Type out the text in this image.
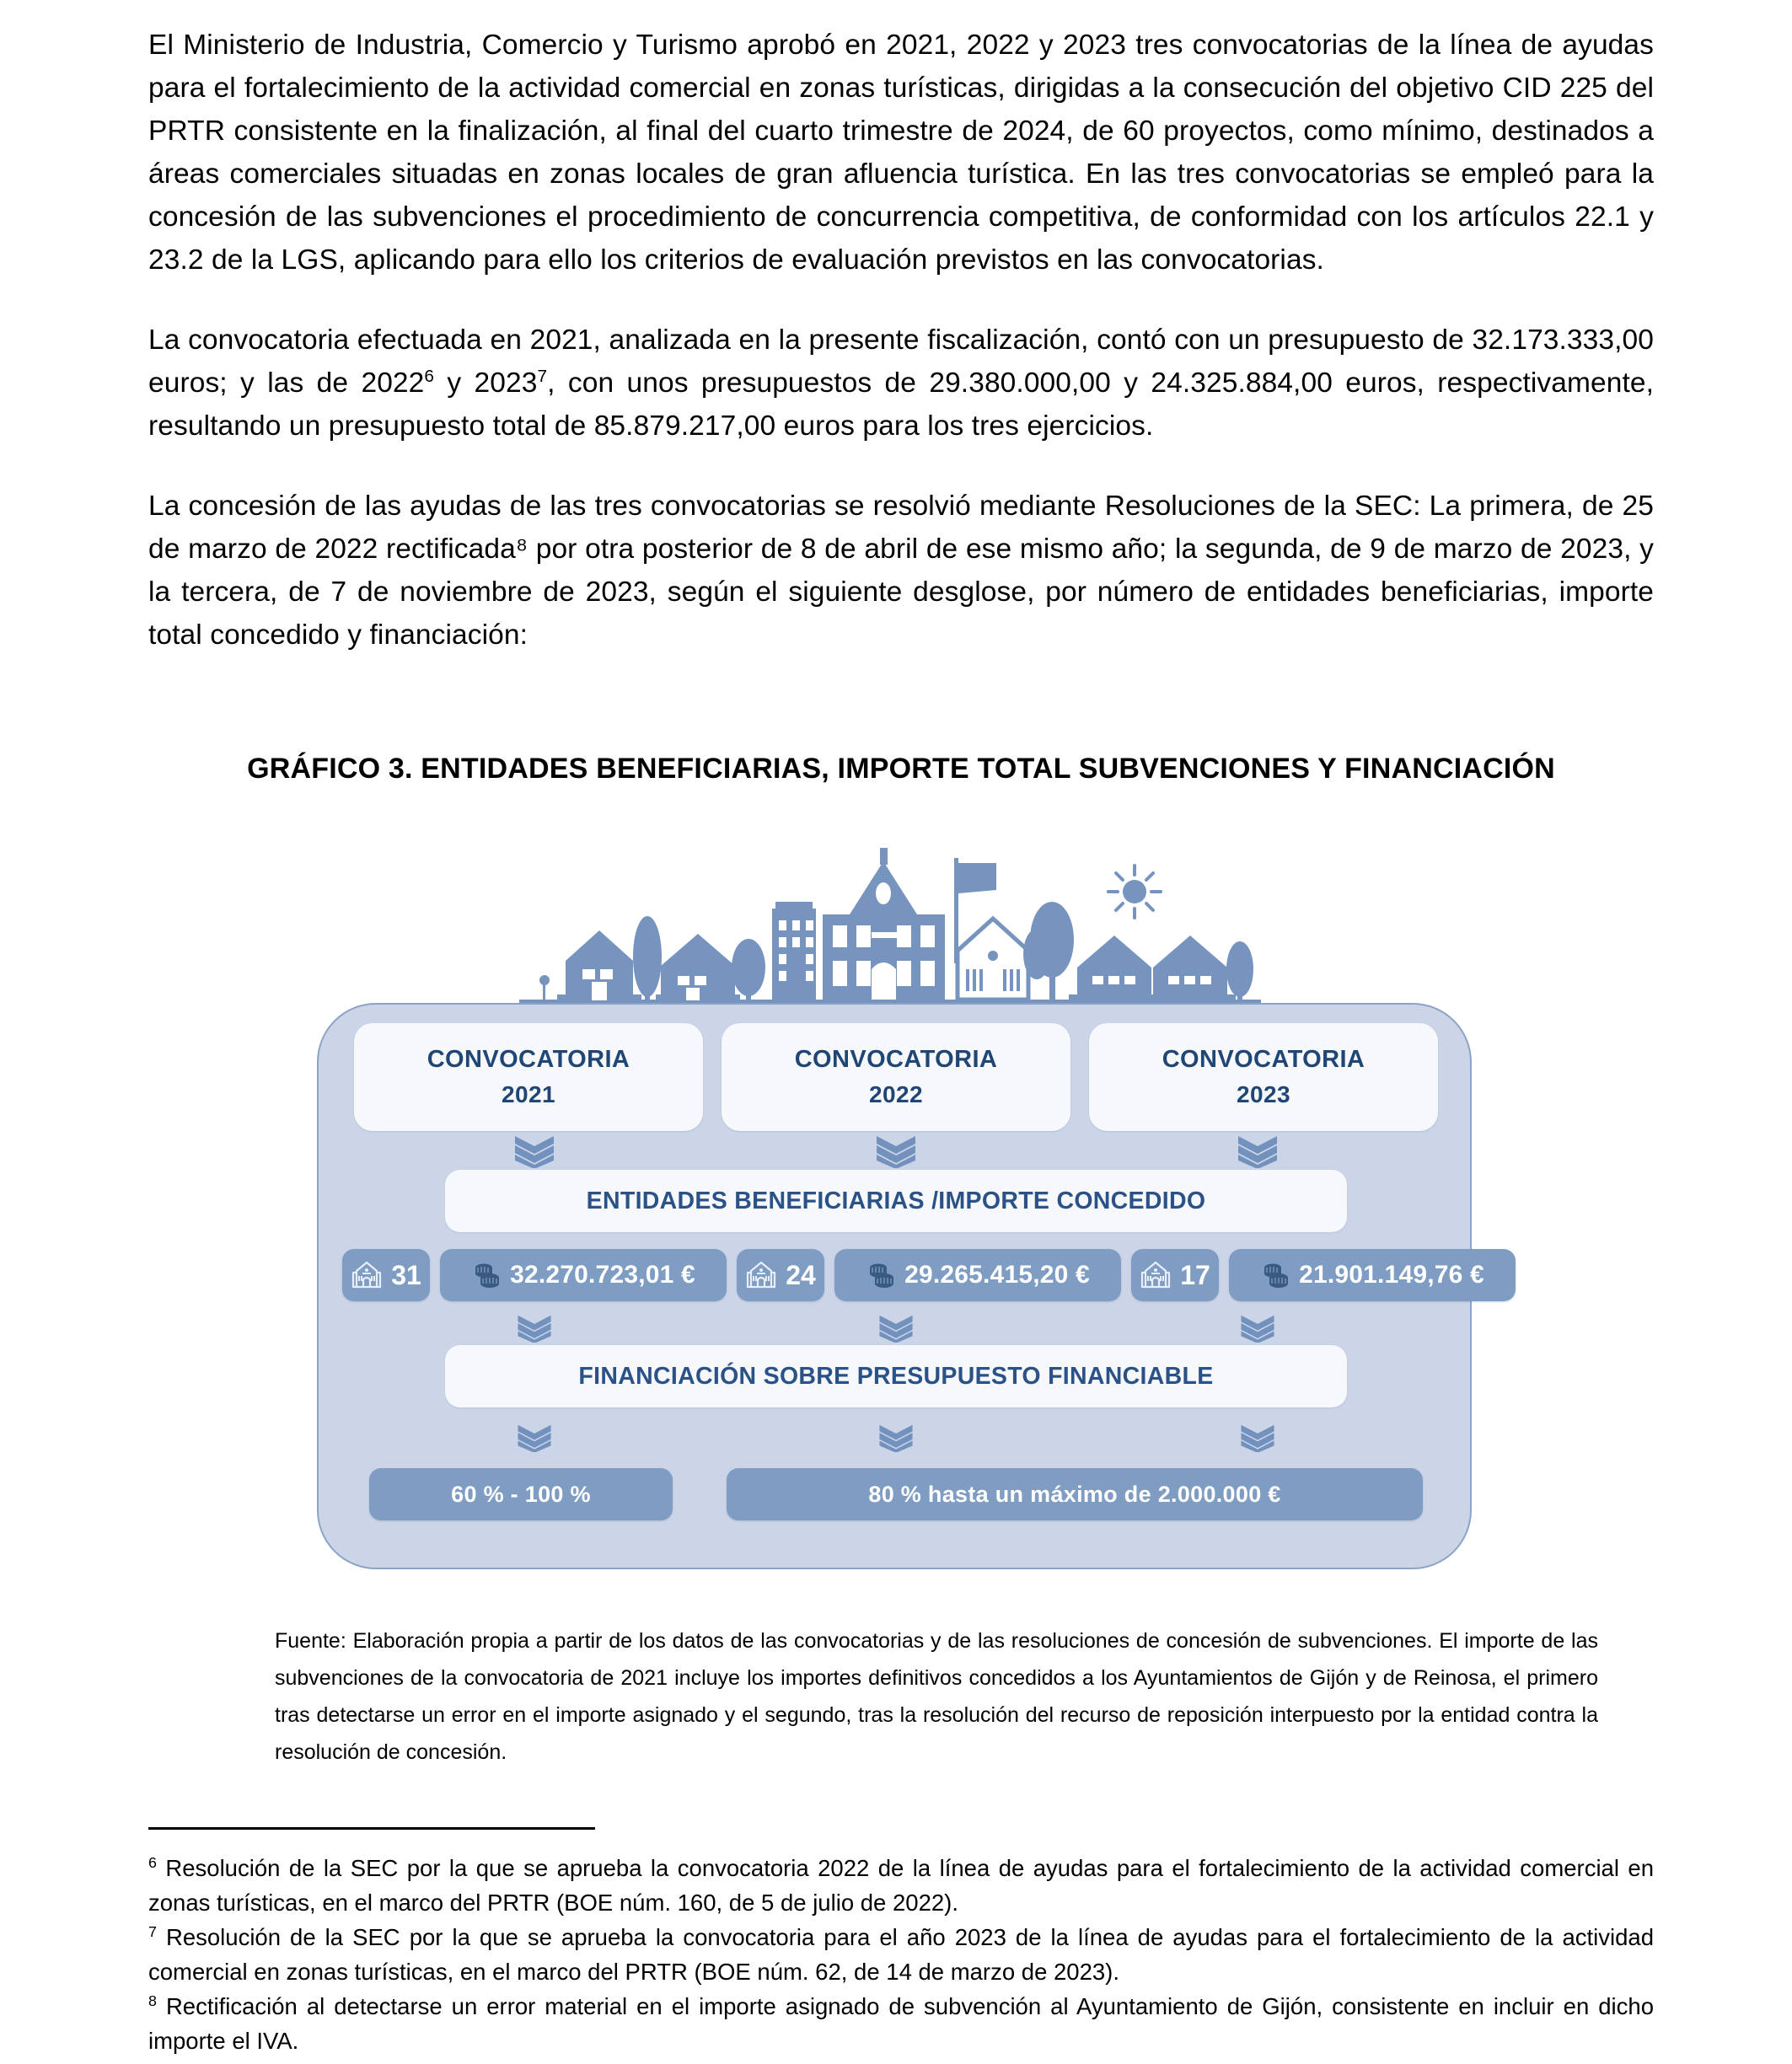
El Ministerio de Industria, Comercio y Turismo aprobó en 2021, 2022 y 2023 tres convocatorias de la línea de ayudas para el fortalecimiento de la actividad comercial en zonas turísticas, dirigidas a la consecución del objetivo CID 225 del PRTR consistente en la finalización, al final del cuarto trimestre de 2024, de 60 proyectos, como mínimo, destinados a áreas comerciales situadas en zonas locales de gran afluencia turística. En las tres convocatorias se empleó para la concesión de las subvenciones el procedimiento de concurrencia competitiva, de conformidad con los artículos 22.1 y 23.2 de la LGS, aplicando para ello los criterios de evaluación previstos en las convocatorias.

La convocatoria efectuada en 2021, analizada en la presente fiscalización, contó con un presupuesto de 32.173.333,00 euros; y las de 2022$^6$ y 2023$^7$, con unos presupuestos de 29.380.000,00 y 24.325.884,00 euros, respectivamente, resultando un presupuesto total de 85.879.217,00 euros para los tres ejercicios.

La concesión de las ayudas de las tres convocatorias se resolvió mediante Resoluciones de la SEC: La primera, de 25 de marzo de 2022 rectificada⁸ por otra posterior de 8 de abril de ese mismo año; la segunda, de 9 de marzo de 2023, y la tercera, de 7 de noviembre de 2023, según el siguiente desglose, por número de entidades beneficiarias, importe total concedido y financiación:

GRÁFICO 3. ENTIDADES BENEFICIARIAS, IMPORTE TOTAL SUBVENCIONES Y FINANCIACIÓN
CONVOCATORIA
2021
CONVOCATORIA
2022
CONVOCATORIA
2023
ENTIDADES BENEFICIARIAS /IMPORTE CONCEDIDO
31	32.270.723,01 €	24	29.265.415,20 €	17	21.901.149,76 €
FINANCIACIÓN SOBRE PRESUPUESTO FINANCIABLE
60 % - 100 %	80 % hasta un máximo de 2.000.000 €
Fuente: Elaboración propia a partir de los datos de las convocatorias y de las resoluciones de concesión de subvenciones. El importe de las subvenciones de la convocatoria de 2021 incluye los importes definitivos concedidos a los Ayuntamientos de Gijón y de Reinosa, el primero tras detectarse un error en el importe asignado y el segundo, tras la resolución del recurso de reposición interpuesto por la entidad contra la resolución de concesión.

$^6$ Resolución de la SEC por la que se aprueba la convocatoria 2022 de la línea de ayudas para el fortalecimiento de la actividad comercial en zonas turísticas, en el marco del PRTR (BOE núm. 160, de 5 de julio de 2022).

$^7$ Resolución de la SEC por la que se aprueba la convocatoria para el año 2023 de la línea de ayudas para el fortalecimiento de la actividad comercial en zonas turísticas, en el marco del PRTR (BOE núm. 62, de 14 de marzo de 2023).

$^8$ Rectificación al detectarse un error material en el importe asignado de subvención al Ayuntamiento de Gijón, consistente en incluir en dicho importe el IVA.
